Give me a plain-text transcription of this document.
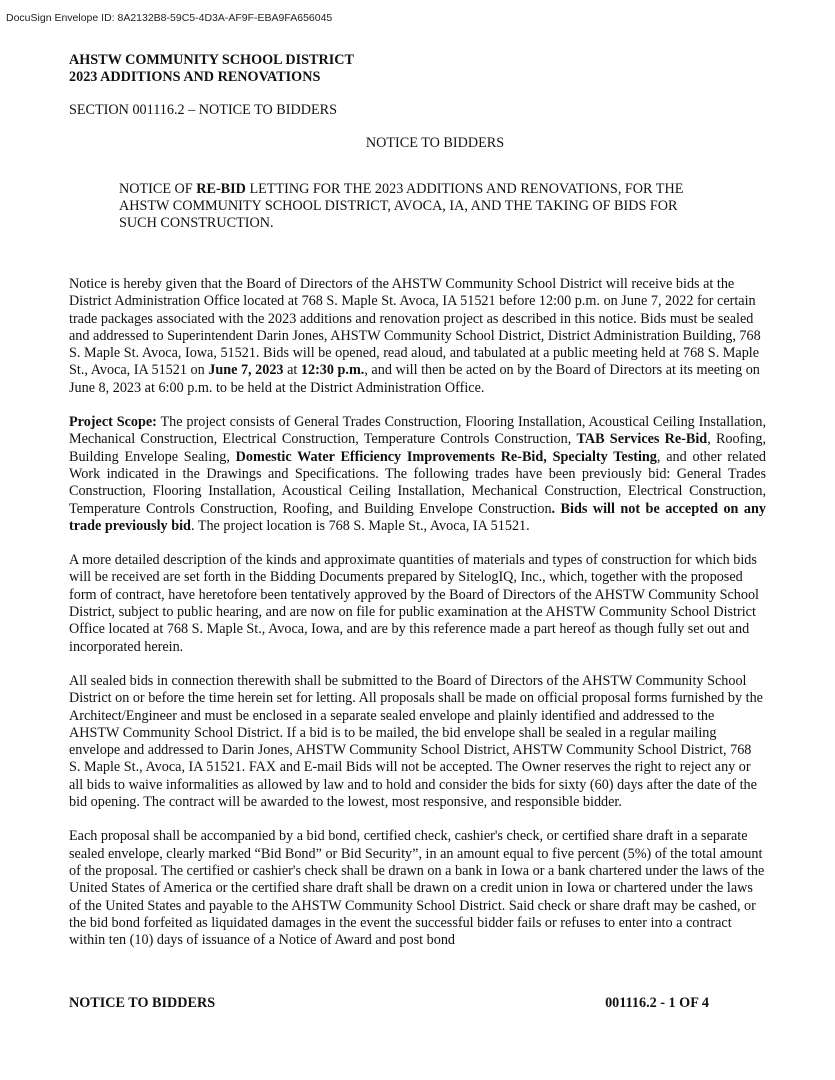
DocuSign Envelope ID: 8A2132B8-59C5-4D3A-AF9F-EBA9FA656045
AHSTW COMMUNITY SCHOOL DISTRICT
2023 ADDITIONS AND RENOVATIONS
SECTION 001116.2 – NOTICE TO BIDDERS
NOTICE TO BIDDERS
NOTICE OF RE-BID LETTING FOR THE 2023 ADDITIONS AND RENOVATIONS, FOR THE AHSTW COMMUNITY SCHOOL DISTRICT, AVOCA, IA, AND THE TAKING OF BIDS FOR SUCH CONSTRUCTION.

Notice is hereby given that the Board of Directors of the AHSTW Community School District will receive bids at the District Administration Office located at 768 S. Maple St. Avoca, IA 51521 before 12:00 p.m. on June 7, 2022 for certain trade packages associated with the 2023 additions and renovation project as described in this notice. Bids must be sealed and addressed to Superintendent Darin Jones, AHSTW Community School District, District Administration Building, 768 S. Maple St. Avoca, Iowa, 51521. Bids will be opened, read aloud, and tabulated at a public meeting held at 768 S. Maple St., Avoca, IA 51521 on June 7, 2023 at 12:30 p.m., and will then be acted on by the Board of Directors at its meeting on June 8, 2023 at 6:00 p.m. to be held at the District Administration Office.

Project Scope: The project consists of General Trades Construction, Flooring Installation, Acoustical Ceiling Installation, Mechanical Construction, Electrical Construction, Temperature Controls Construction, TAB Services Re-Bid, Roofing, Building Envelope Sealing, Domestic Water Efficiency Improvements Re-Bid, Specialty Testing, and other related Work indicated in the Drawings and Specifications. The following trades have been previously bid: General Trades Construction, Flooring Installation, Acoustical Ceiling Installation, Mechanical Construction, Electrical Construction, Temperature Controls Construction, Roofing, and Building Envelope Construction. Bids will not be accepted on any trade previously bid. The project location is 768 S. Maple St., Avoca, IA 51521.

A more detailed description of the kinds and approximate quantities of materials and types of construction for which bids will be received are set forth in the Bidding Documents prepared by SitelogIQ, Inc., which, together with the proposed form of contract, have heretofore been tentatively approved by the Board of Directors of the AHSTW Community School District, subject to public hearing, and are now on file for public examination at the AHSTW Community School District Office located at 768 S. Maple St., Avoca, Iowa, and are by this reference made a part hereof as though fully set out and incorporated herein.

All sealed bids in connection therewith shall be submitted to the Board of Directors of the AHSTW Community School District on or before the time herein set for letting. All proposals shall be made on official proposal forms furnished by the Architect/Engineer and must be enclosed in a separate sealed envelope and plainly identified and addressed to the AHSTW Community School District. If a bid is to be mailed, the bid envelope shall be sealed in a regular mailing envelope and addressed to Darin Jones, AHSTW Community School District, AHSTW Community School District, 768 S. Maple St., Avoca, IA 51521. FAX and E-mail Bids will not be accepted. The Owner reserves the right to reject any or all bids to waive informalities as allowed by law and to hold and consider the bids for sixty (60) days after the date of the bid opening. The contract will be awarded to the lowest, most responsive, and responsible bidder.

Each proposal shall be accompanied by a bid bond, certified check, cashier's check, or certified share draft in a separate sealed envelope, clearly marked “Bid Bond” or Bid Security”, in an amount equal to five percent (5%) of the total amount of the proposal. The certified or cashier's check shall be drawn on a bank in Iowa or a bank chartered under the laws of the United States of America or the certified share draft shall be drawn on a credit union in Iowa or chartered under the laws of the United States and payable to the AHSTW Community School District. Said check or share draft may be cashed, or the bid bond forfeited as liquidated damages in the event the successful bidder fails or refuses to enter into a contract within ten (10) days of issuance of a Notice of Award and post bond

NOTICE TO BIDDERS	001116.2 - 1 OF 4
